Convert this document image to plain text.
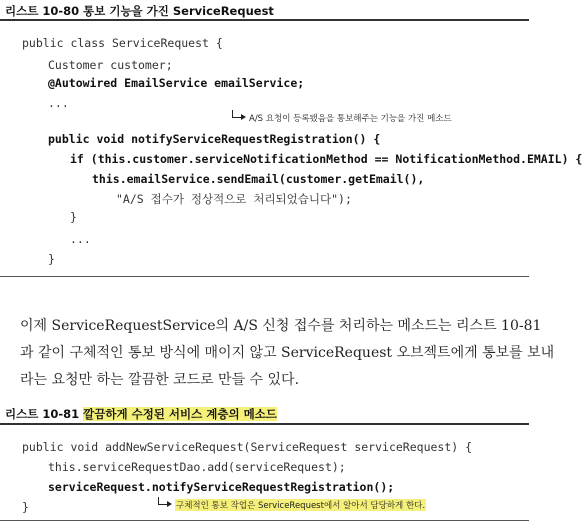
리스트 10-80 통보 기능을 가진 ServiceRequest
public class ServiceRequest {
Customer customer;
@Autowired EmailService emailService;
...
A/S 요청이 등록됐음을 통보해주는 기능을 가진 메소드
public void notifyServiceRequestRegistration() {
if (this.customer.serviceNotificationMethod == NotificationMethod.EMAIL) {
this.emailService.sendEmail(customer.getEmail(),
"A/S 접수가 정상적으로 처리되었습니다");
}
...
}
이제 ServiceRequestService의 A/S 신청 접수를 처리하는 메소드는 리스트 10-81
과 같이 구체적인 통보 방식에 매이지 않고 ServiceRequest 오브젝트에게 통보를 보내
라는 요청만 하는 깔끔한 코드로 만들 수 있다.
리스트 10-81 깔끔하게 수정된 서비스 계층의 메소드
public void addNewServiceRequest(ServiceRequest serviceRequest) {
this.serviceRequestDao.add(serviceRequest);
serviceRequest.notifyServiceRequestRegistration();
}	구체적인 통보 작업은 ServiceRequest에서 알아서 담당하게 한다.
